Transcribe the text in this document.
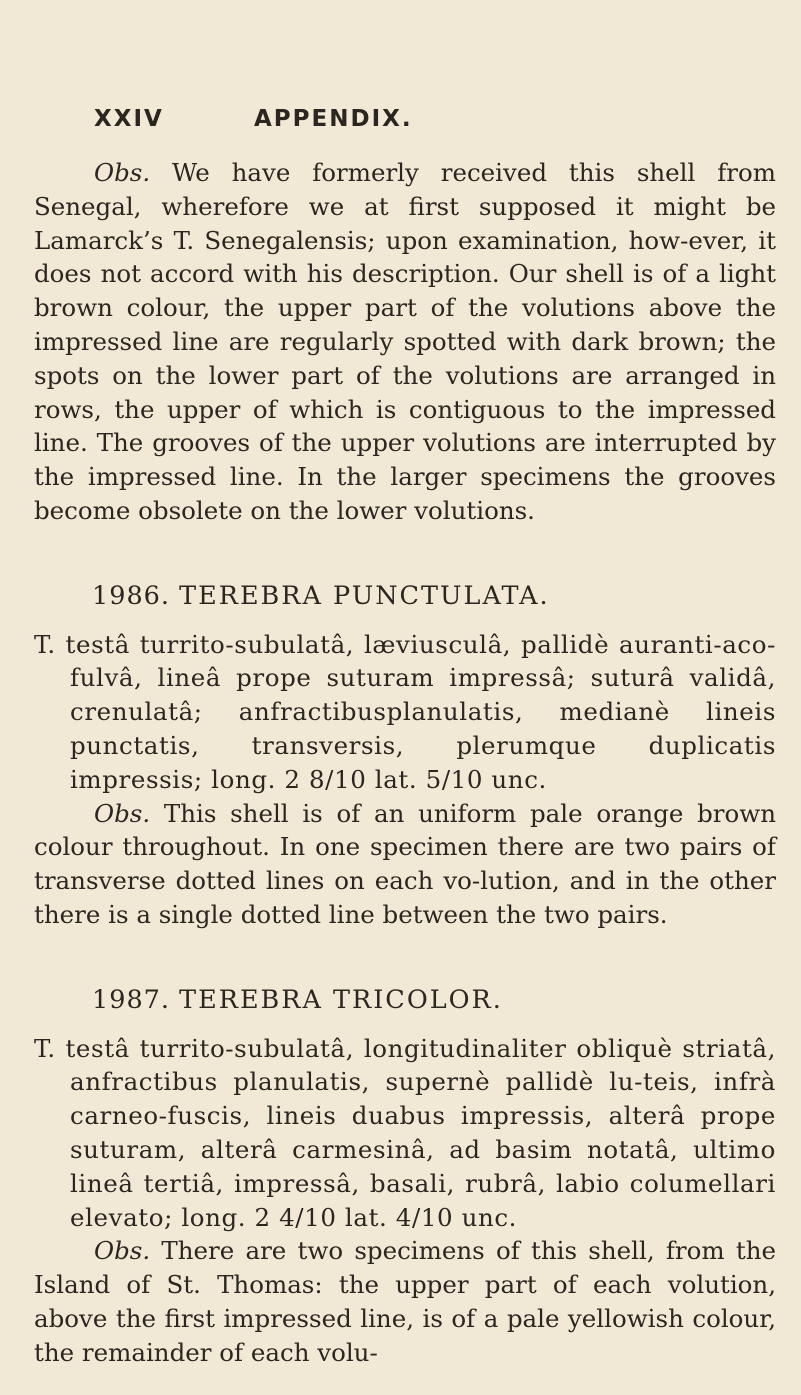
XXIV	APPENDIX.

Obs. We have formerly received this shell from Senegal, wherefore we at first supposed it might be Lamarck’s T. Senegalensis; upon examination, how-ever, it does not accord with his description. Our shell is of a light brown colour, the upper part of the volutions above the impressed line are regularly spotted with dark brown; the spots on the lower part of the volutions are arranged in rows, the upper of which is contiguous to the impressed line. The grooves of the upper volutions are interrupted by the impressed line. In the larger specimens the grooves become obsolete on the lower volutions.

1986. TEREBRA PUNCTULATA.

T. testâ turrito-subulatâ, læviusculâ, pallidè auranti-aco-fulvâ, lineâ prope suturam impressâ; suturâ validâ, crenulatâ; anfractibusplanulatis, medianè lineis punctatis, transversis, plerumque duplicatis impressis; long. 2 8/10 lat. 5/10 unc.

Obs. This shell is of an uniform pale orange brown colour throughout. In one specimen there are two pairs of transverse dotted lines on each vo-lution, and in the other there is a single dotted line between the two pairs.

1987. TEREBRA TRICOLOR.

T. testâ turrito-subulatâ, longitudinaliter obliquè striatâ, anfractibus planulatis, supernè pallidè lu-teis, infrà carneo-fuscis, lineis duabus impressis, alterâ prope suturam, alterâ carmesinâ, ad basim notatâ, ultimo lineâ tertiâ, impressâ, basali, rubrâ, labio columellari elevato; long. 2 4/10 lat. 4/10 unc.

Obs. There are two specimens of this shell, from the Island of St. Thomas: the upper part of each volution, above the first impressed line, is of a pale yellowish colour, the remainder of each volu-
